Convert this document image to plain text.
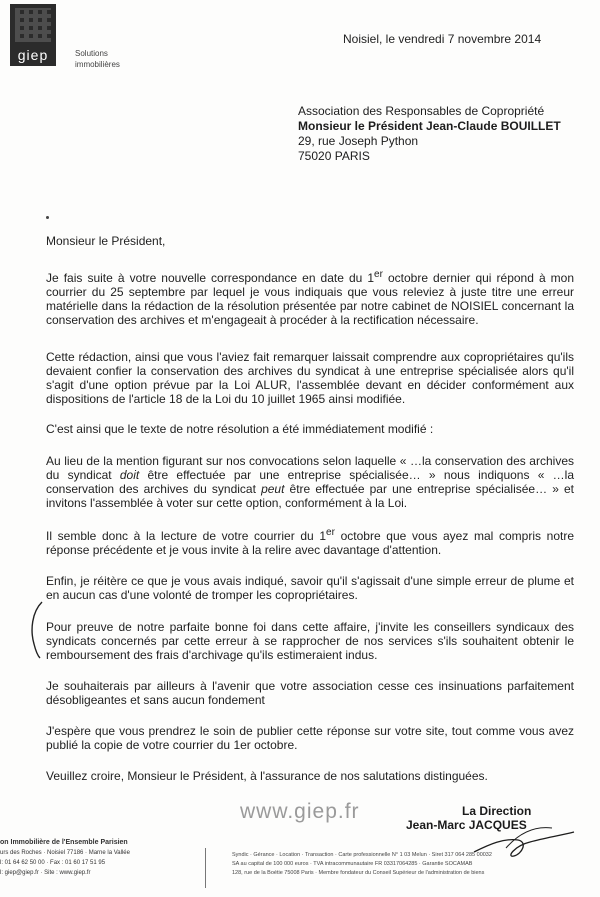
giep	Solutions
immobilières
Noisiel, le vendredi 7 novembre 2014
Association des Responsables de Copropriété
Monsieur le Président Jean-Claude BOUILLET
29, rue Joseph Python
75020 PARIS

Monsieur le Président,

Je fais suite à votre nouvelle correspondance en date du 1er octobre dernier qui répond à mon courrier du 25 septembre par lequel je vous indiquais que vous releviez à juste titre une erreur matérielle dans la rédaction de la résolution présentée par notre cabinet de NOISIEL concernant la conservation des archives et m'engageait à procéder à la rectification nécessaire.

Cette rédaction, ainsi que vous l'aviez fait remarquer laissait comprendre aux copropriétaires qu'ils devaient confier la conservation des archives du syndicat à une entreprise spécialisée alors qu'il s'agit d'une option prévue par la Loi ALUR, l'assemblée devant en décider conformément aux dispositions de l'article 18 de la Loi du 10 juillet 1965 ainsi modifiée.

C'est ainsi que le texte de notre résolution a été immédiatement modifié :

Au lieu de la mention figurant sur nos convocations selon laquelle « …la conservation des archives du syndicat doit être effectuée par une entreprise spécialisée… » nous indiquons « …la conservation des archives du syndicat peut être effectuée par une entreprise spécialisée… » et invitons l'assemblée à voter sur cette option, conformément à la Loi.

Il semble donc à la lecture de votre courrier du 1er octobre que vous ayez mal compris notre réponse précédente et je vous invite à la relire avec davantage d'attention.

Enfin, je réitère ce que je vous avais indiqué, savoir qu'il s'agissait d'une simple erreur de plume et en aucun cas d'une volonté de tromper les copropriétaires.

Pour preuve de notre parfaite bonne foi dans cette affaire, j'invite les conseillers syndicaux des syndicats concernés par cette erreur à se rapprocher de nos services s'ils souhaitent obtenir le remboursement des frais d'archivage qu'ils estimeraient indus.

Je souhaiterais par ailleurs à l'avenir que votre association cesse ces insinuations parfaitement désobligeantes et sans aucun fondement

J'espère que vous prendrez le soin de publier cette réponse sur votre site, tout comme vous avez publié la copie de votre courrier du 1er octobre.

Veuillez croire, Monsieur le Président, à l'assurance de nos salutations distinguées.

www.giep.fr	La Direction
Jean-Marc JACQUES
on Immobilière de l'Ensemble Parisien
urs des Roches · Noisiel 77186 · Marne la Vallée
l: 01 64 62 50 00 · Fax : 01 60 17 51 95
l: giep@giep.fr · Site : www.giep.fr
Syndic · Gérance · Location · Transaction · Carte professionnelle N° 1 03 Melun · Siret 317 064 285 00032
SA au capital de 100 000 euros · TVA intracommunautaire FR 03317064285 · Garantie SOCAMAB
128, rue de la Boétie 75008 Paris · Membre fondateur du Conseil Supérieur de l'administration de biens
